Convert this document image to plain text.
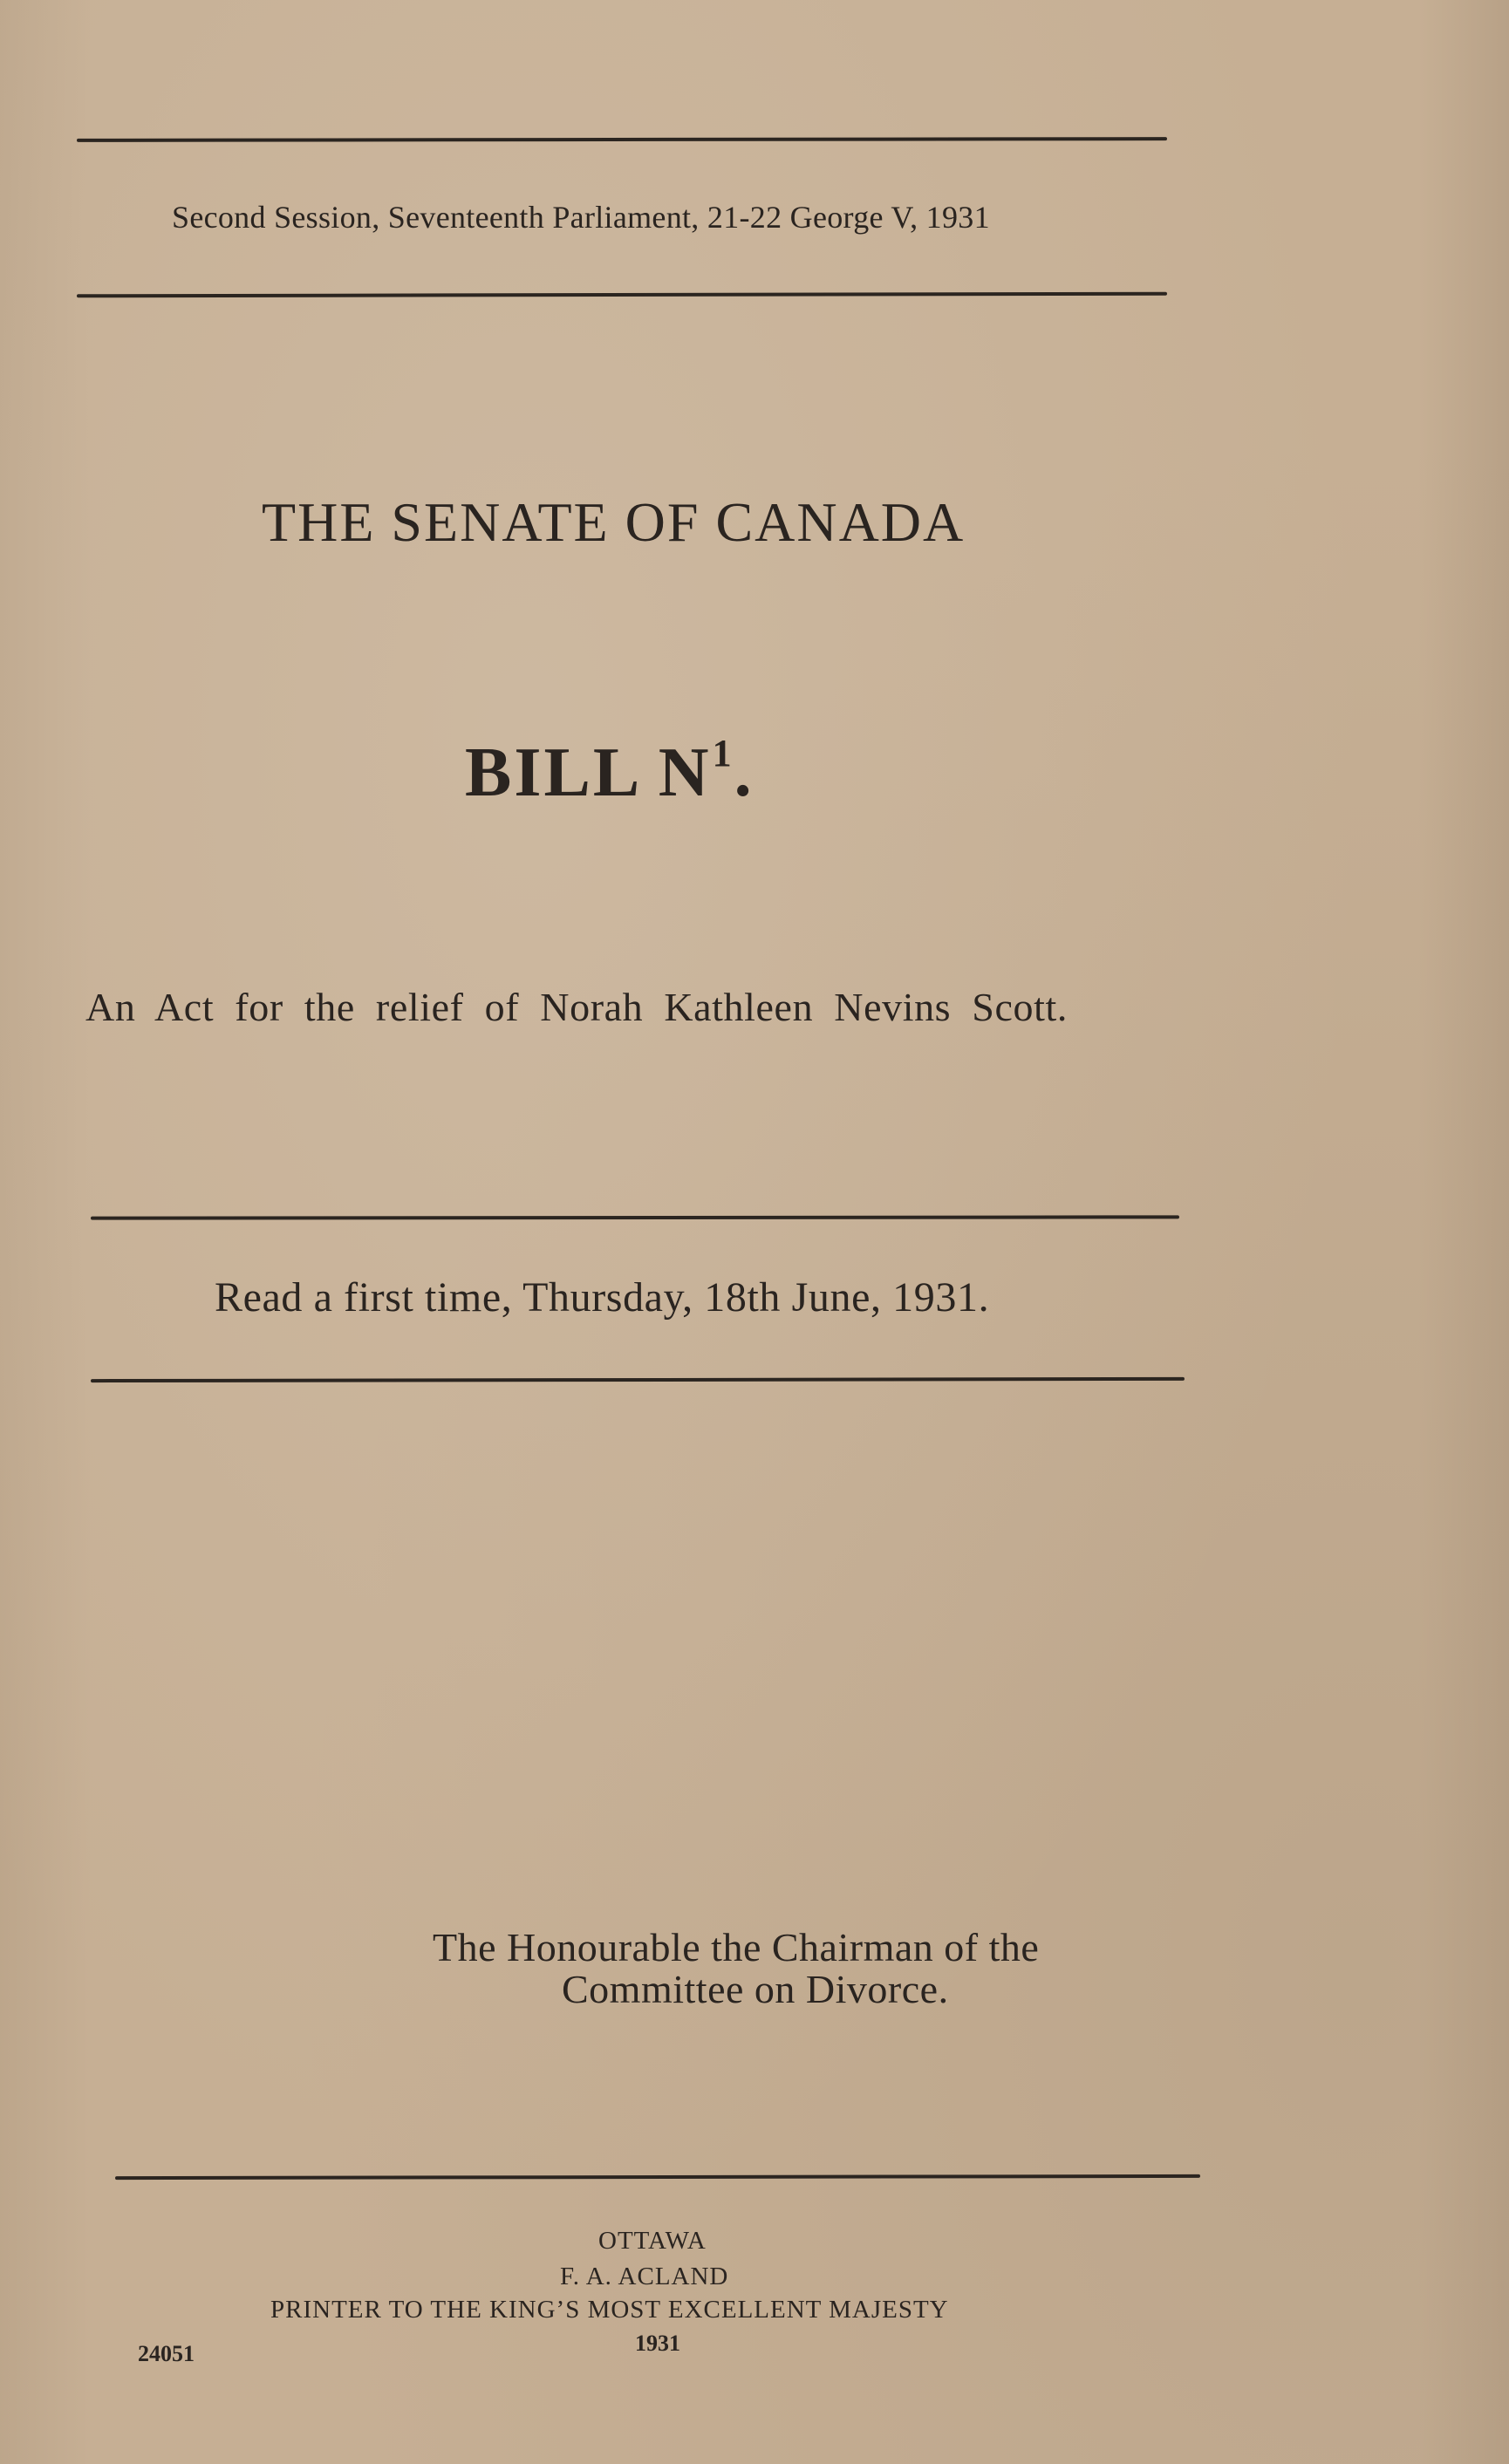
Second Session, Seventeenth Parliament, 21-22 George V, 1931
THE SENATE OF CANADA
BILL $N^1$.
An Act for the relief of Norah Kathleen Nevins Scott.
Read a first time, Thursday, 18th June, 1931.
The Honourable the Chairman of the
Committee on Divorce.
OTTAWA
F. A. ACLAND
PRINTER TO THE KING’S MOST EXCELLENT MAJESTY
1931
24051
